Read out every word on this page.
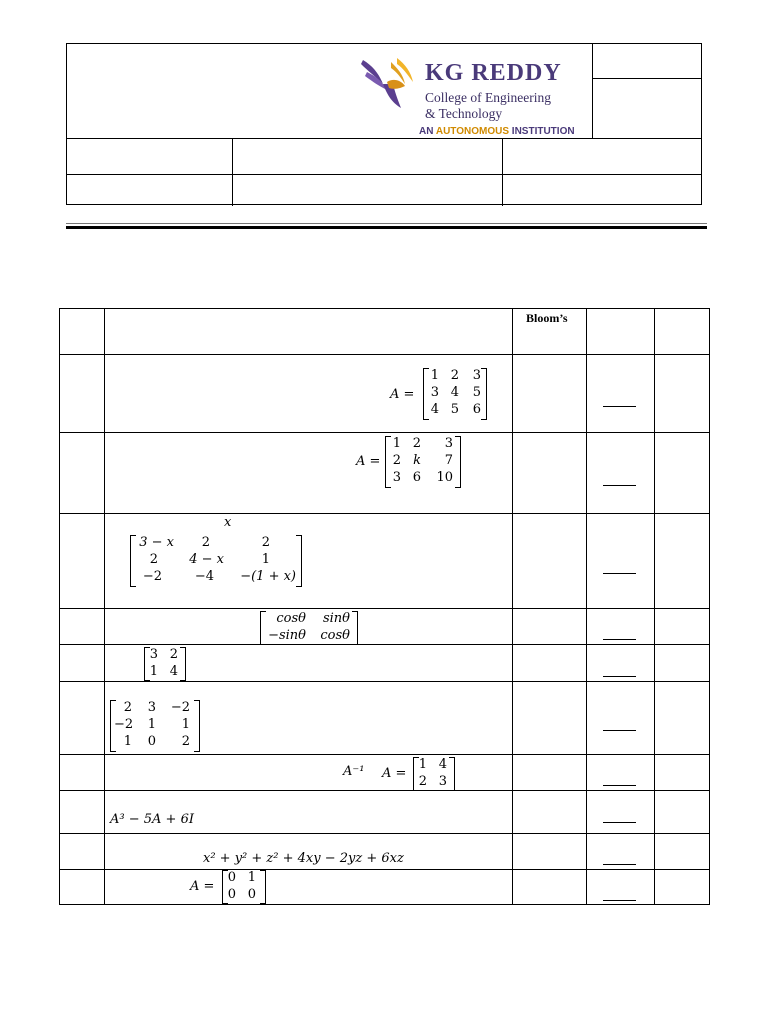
KG REDDY
College of Engineering
& Technology
AN AUTONOMOUS INSTITUTION
Bloom’s
A =
1 2 3
3 4 5
4 5 6
A =
1 2	3
2 k	7
3 6	10
x
3 − x	2	2
2	4 − x	1
−2	−4	−(1 + x)
cosθ	sinθ
−sinθ	cosθ
3 2
1 4
2	3	−2
−2	1	1
1	0	2
A⁻¹ A =
1 4
2 3
A³ − 5A + 6I
x² + y² + z² + 4xy − 2yz + 6xz
A =
0 1
0 0
